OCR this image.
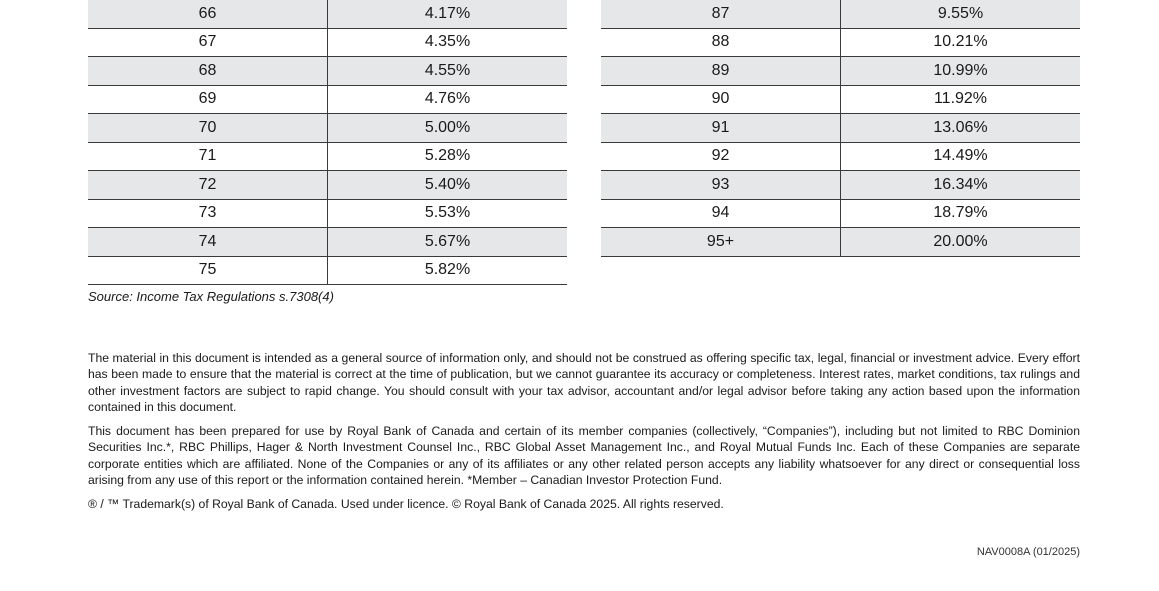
66	4.17%
67	4.35%
68	4.55%
69	4.76%
70	5.00%
71	5.28%
72	5.40%
73	5.53%
74	5.67%
75	5.82%
87	9.55%
88	10.21%
89	10.99%
90	11.92%
91	13.06%
92	14.49%
93	16.34%
94	18.79%
95+	20.00%
Source: Income Tax Regulations s.7308(4)

The material in this document is intended as a general source of information only, and should not be construed as offering specific tax, legal, financial or investment advice. Every effort has been made to ensure that the material is correct at the time of publication, but we cannot guarantee its accuracy or completeness. Interest rates, market conditions, tax rulings and other investment factors are subject to rapid change. You should consult with your tax advisor, accountant and/or legal advisor before taking any action based upon the information contained in this document.

This document has been prepared for use by Royal Bank of Canada and certain of its member companies (collectively, “Companies”), including but not limited to RBC Dominion Securities Inc.*, RBC Phillips, Hager & North Investment Counsel Inc., RBC Global Asset Management Inc., and Royal Mutual Funds Inc. Each of these Companies are separate corporate entities which are affiliated. None of the Companies or any of its affiliates or any other related person accepts any liability whatsoever for any direct or consequential loss arising from any use of this report or the information contained herein. *Member – Canadian Investor Protection Fund.

® / ™ Trademark(s) of Royal Bank of Canada. Used under licence. © Royal Bank of Canada 2025. All rights reserved.
NAV0008A (01/2025)
